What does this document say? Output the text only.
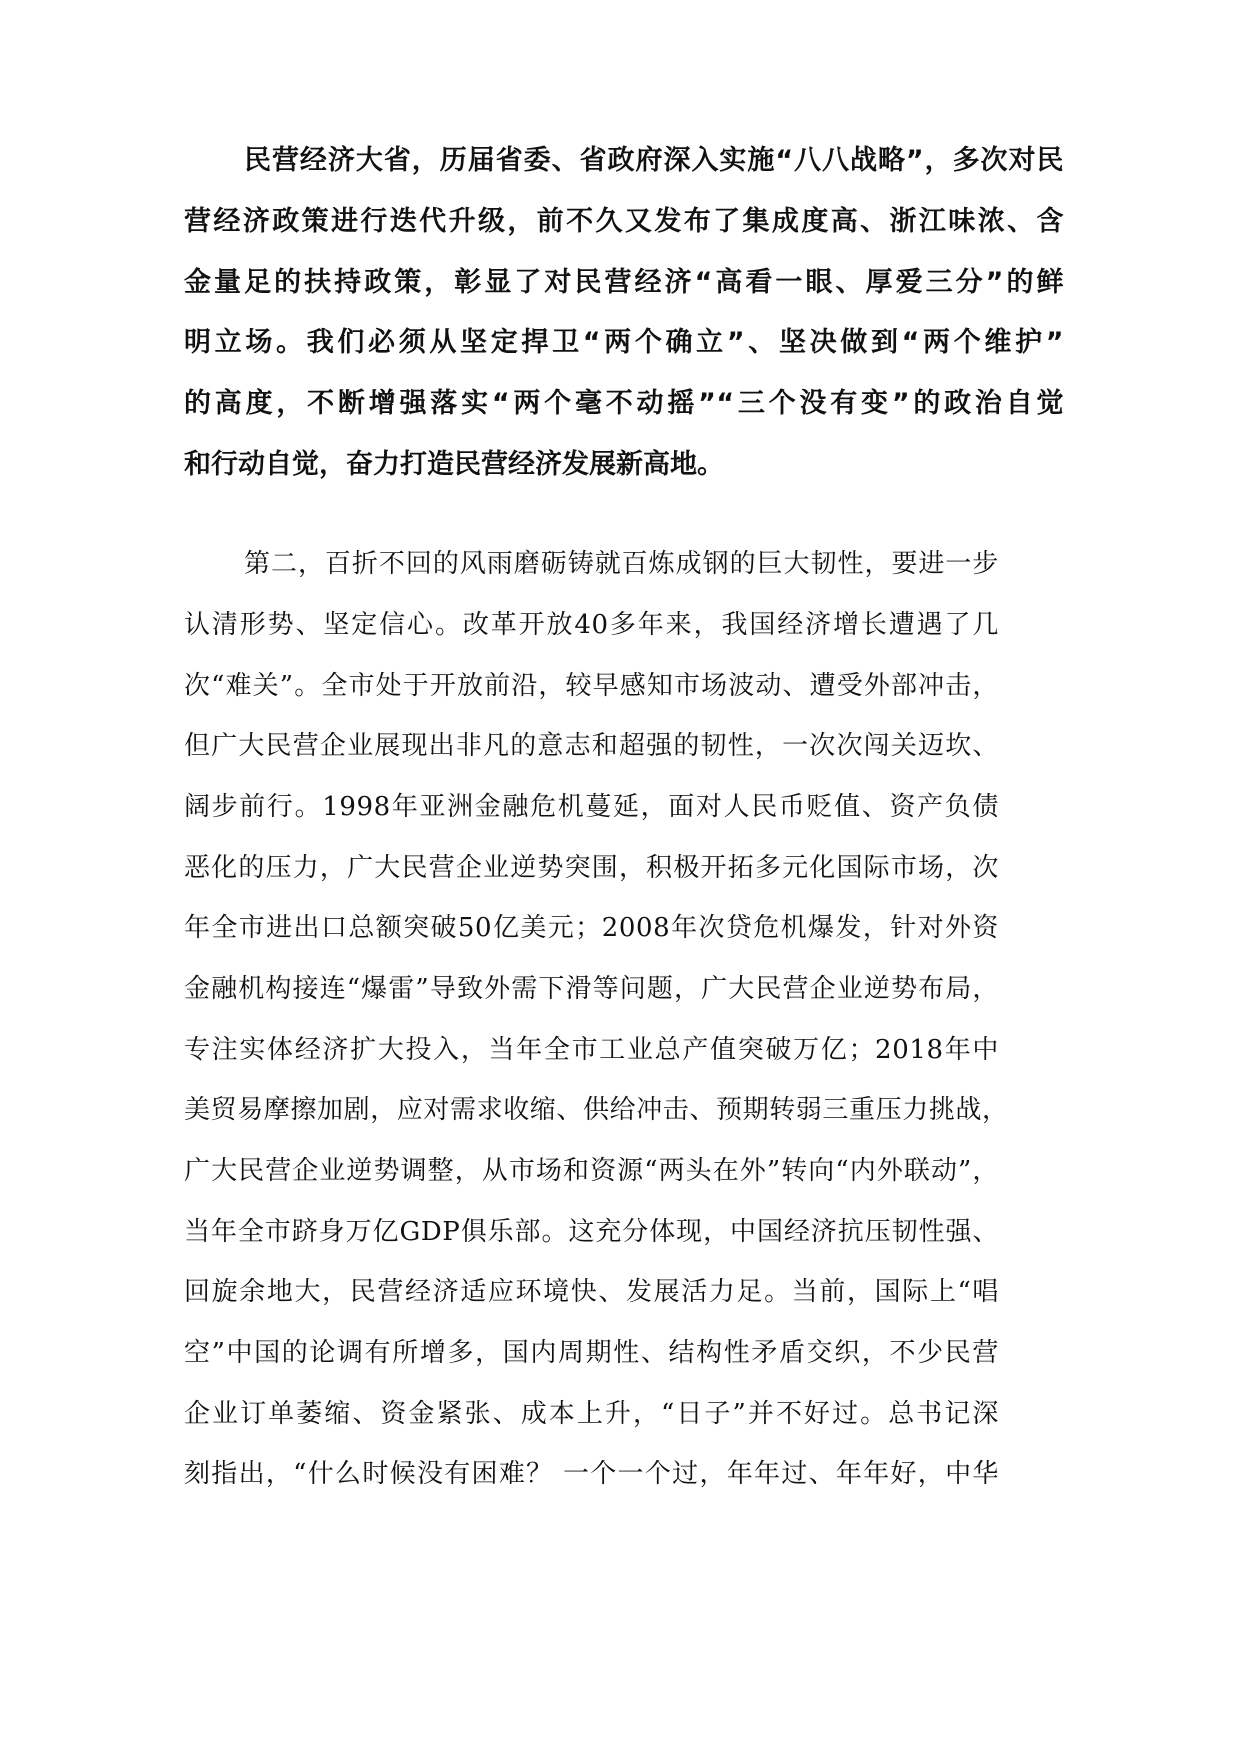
民营经济大省，历届省委、省政府深入实施“八八战略”，多次对民
营经济政策进行迭代升级，前不久又发布了集成度高、浙江味浓、含
金量足的扶持政策，彰显了对民营经济“高看一眼、厚爱三分”的鲜
明立场。我们必须从坚定捍卫“两个确立”、坚决做到“两个维护”
的高度，不断增强落实“两个毫不动摇”“三个没有变”的政治自觉
和行动自觉，奋力打造民营经济发展新高地。
第二，百折不回的风雨磨砺铸就百炼成钢的巨大韧性，要进一步
认清形势、坚定信心。改革开放40多年来，我国经济增长遭遇了几
次“难关”。全市处于开放前沿，较早感知市场波动、遭受外部冲击，
但广大民营企业展现出非凡的意志和超强的韧性，一次次闯关迈坎、
阔步前行。1998年亚洲金融危机蔓延，面对人民币贬值、资产负债
恶化的压力，广大民营企业逆势突围，积极开拓多元化国际市场，次
年全市进出口总额突破50亿美元；2008年次贷危机爆发，针对外资
金融机构接连“爆雷”导致外需下滑等问题，广大民营企业逆势布局，
专注实体经济扩大投入，当年全市工业总产值突破万亿；2018年中
美贸易摩擦加剧，应对需求收缩、供给冲击、预期转弱三重压力挑战，
广大民营企业逆势调整，从市场和资源“两头在外”转向“内外联动”，
当年全市跻身万亿GDP俱乐部。这充分体现，中国经济抗压韧性强、
回旋余地大，民营经济适应环境快、发展活力足。当前，国际上“唱
空”中国的论调有所增多，国内周期性、结构性矛盾交织，不少民营
企业订单萎缩、资金紧张、成本上升，“日子”并不好过。总书记深
刻指出，“什么时候没有困难？ 一个一个过，年年过、年年好，中华
